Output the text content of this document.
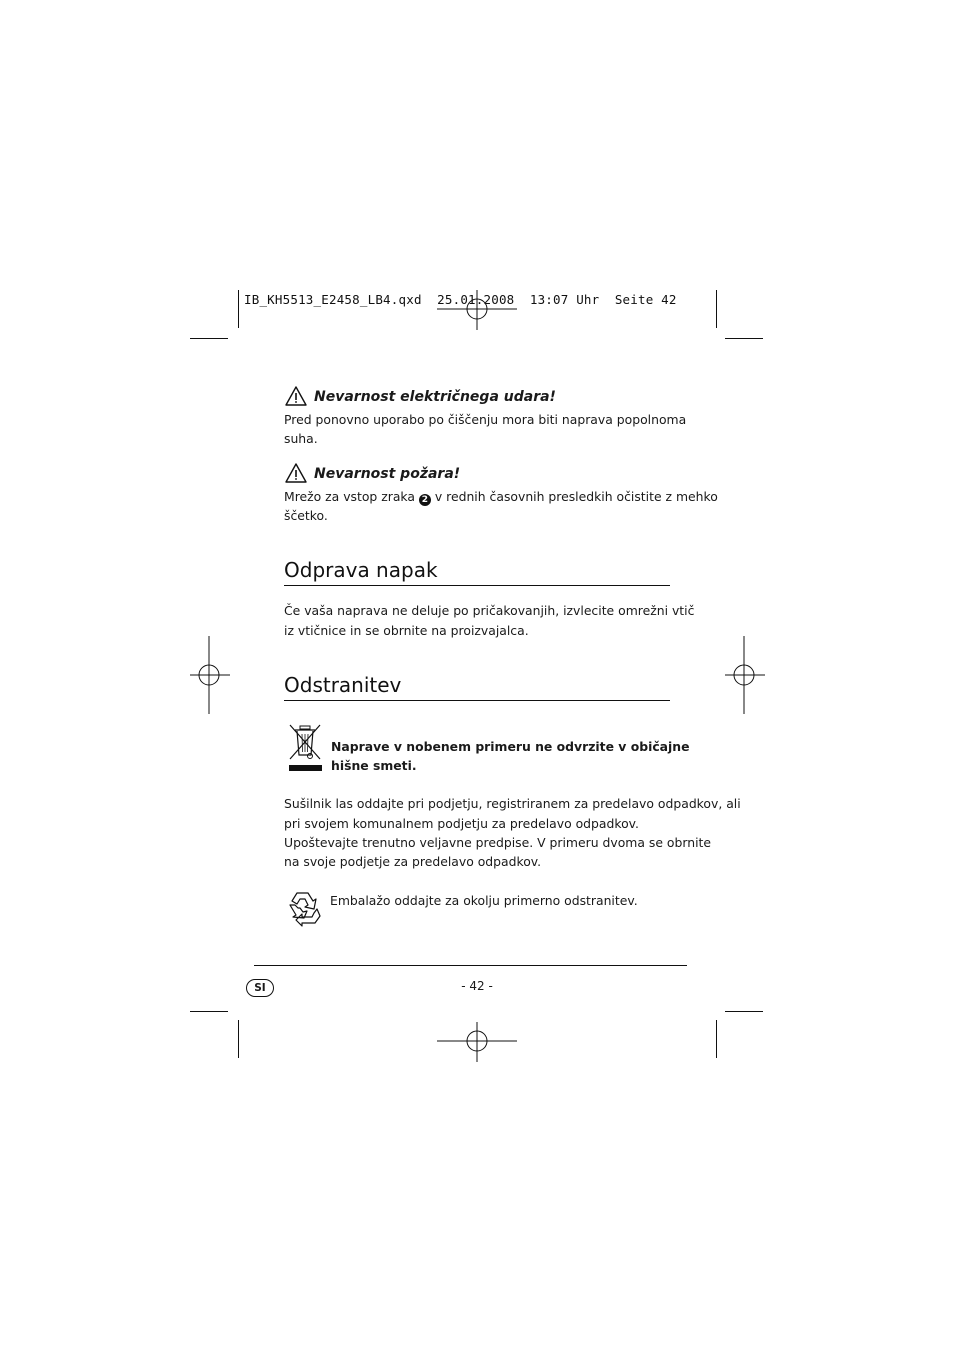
IB_KH5513_E2458_LB4.qxd  25.01.2008  13:07 Uhr  Seite 42
Nevarnost električnega udara!
Pred ponovno uporabo po čiščenju mora biti naprava popolnoma
suha.
Nevarnost požara!
Mrežo za vstop zraka 2 v rednih časovnih presledkih očistite z mehko
ščetko.
Odprava napak
Če vaša naprava ne deluje po pričakovanjih, izvlecite omrežni vtič
iz vtičnice in se obrnite na proizvajalca.
Odstranitev
Naprave v nobenem primeru ne odvrzite v običajne
hišne smeti.
Sušilnik las oddajte pri podjetju, registriranem za predelavo odpadkov, ali
pri svojem komunalnem podjetju za predelavo odpadkov.
Upoštevajte trenutno veljavne predpise. V primeru dvoma se obrnite
na svoje podjetje za predelavo odpadkov.
Embalažo oddajte za okolju primerno odstranitev.
SI	- 42 -
